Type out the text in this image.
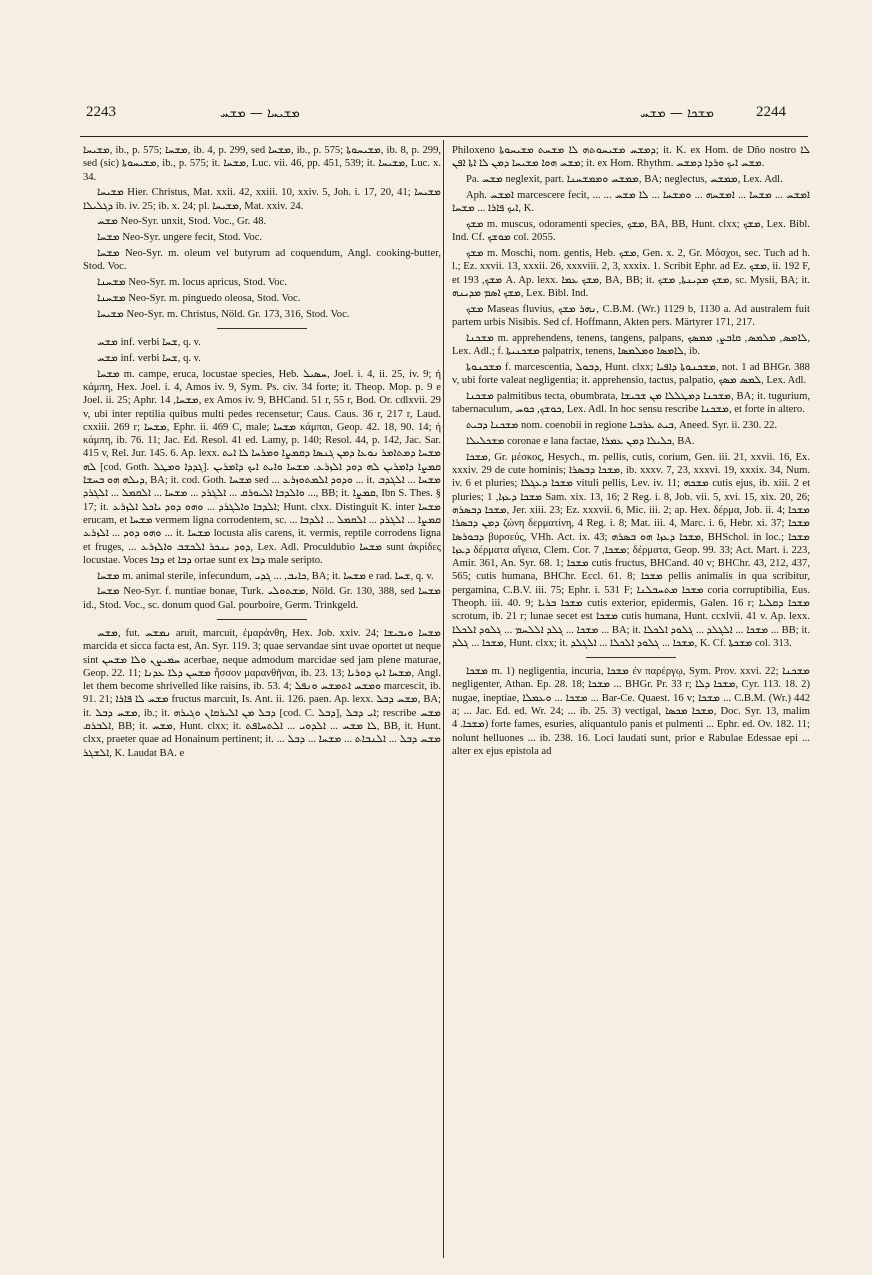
2243	ܡܫܝܚܐ — ܡܫܚ	ܡܫܟܐ — ܡܫܚ	2244

ܡܫܝܚܐ, ib., p. 575; ܡܫܚܐ, ib. 4, p. 299, sed ܡܫܚܐ, ib., p. 575; ܡܫܝܚܘܬܐ, ib. 8, p. 299, sed (sic) ܡܫܝܚܘܬܐ, ib., p. 575; it. ܡܫܚܐ, Luc. vii. 46, pp. 451, 539; it. ܡܫܝܚܐ, Luc. x. 34.

ܡܫܝܚܐ Hier. Christus, Mat. xxii. 42, xxiii. 10, xxiv. 5, Joh. i. 17, 20, 41; ܡܫܝܚܐ ܕܓܠܝܠܐ ib. iv. 25; ib. x. 24; pl. ܡܫܝܚܐ, Mat. xxiv. 24.

ܡܫܚ Neo-Syr. unxit, Stod. Voc., Gr. 48.

ܡܫܚܐ Neo-Syr. ungere fecit, Stod. Voc.

ܡܫܚܐ Neo-Syr. m. oleum vel butyrum ad coquendum, Angl. cooking-butter, Stod. Voc.

ܡܫܚܢܐ Neo-Syr. m. locus apricus, Stod. Voc.

ܡܫܚܢܐ Neo-Syr. m. pinguedo oleosa, Stod. Voc.

ܡܫܝܚܐ Neo-Syr. m. Christus, Nöld. Gr. 173, 316, Stod. Voc.

ܡܫܚ inf. verbi ܫܚܐ, q. v.

ܡܫܚ inf. verbi ܫܚܐ, q. v.

ܡܫܚܐ m. campe, eruca, locustae species, Heb. ܚܣܝܠ, Joel. i. 4, ii. 25, iv. 9; ἡ κάμπη, Hex. Joel. i. 4, Amos iv. 9, Sym. Ps. civ. 34 forte; it. Theop. Mop. p. 9 e Joel. ii. 25; Aphr. ܡܫܚܐ, 14, ex Amos iv. 9, BHCand. 51 r, 55 r, Bod. Or. cdlxvii. 29 v, ubi inter reptilia quibus multi pedes recensetur; Caus. Caus. 36 r, 217 r, Laud. cxxiii. 269 r; ܡܫܚܐ, Ephr. ii. 469 C, male; ܡܫܚܐ κάμπαι, Geop. 42. 18, 90. 14; ἡ κάμπη, ib. 76. 11; Jac. Ed. Resol. 41 ed. Lamy, p. 140; Resol. 44, p. 142, Jac. Sar. 415 v, Rel. Jur. 145. 6. Ap. lexx. ܡܫܚܐ ܕܡܬܐܡܪ ܢܘܥܐ ܕܡܢ ܓܢܣܐ ܕܩܡܨܐ ܘܡܪܚܐ ܠܐ ܐܝܬ ܠܗ [cod. Goth. ܓܕܕܐ ܘܡܛܠ]. ܩܡܨܐ ܕܐܡܪܝܢ ܠܗ ܕܘܕ ܐܠܙܪܥ. ܡܫܚܐ ܘܐܝܬ ܐܝܟ ܕܐܡܪܝܢ ܕܝܠܗ ܗܘ ܒܚܫܐ, BA; it. cod. Goth. ܡܫܚܐ sed ... ܘܕܘܕ ܐܠܡܬܘܙܪܥ ... it. ܡܫܚܐ ... ܐܠܓܕܒ ... ܘܐܠܕܒܐ ܐܠܝܘܪܩ ... ܐܠܓܪܕ ... ܡܫܚܐ ... ܐܠܩܡܠ ... ܐܠܓܪܕ, BB; it. ܩܡܨܐ, Ibn S. Thes. § 17; it. ܐܠܕܒܐ ܘܐܠܓܪܕ ... ܘܗܘ ܕܘܕ ܝܐܟܠ ܐܠܙܪܥ; Hunt. clxx. Distinguit K. inter ܡܫܚܐ erucam, et ܡܫܚܐ vermem ligna corrodentem, sc. ܩܡܨܐ ... ܐܠܓܪܕ ... ܐܠܩܡܠ ... ܐܠܕܒܐ ... ܘܗܘ ܕܘܕ ... ܐܠܙܪܥ ... it. ܡܫܚܐ locusta alis carens, it. vermis, reptile corrodens ligna et fruges, ... ܕܘܕ ܝܢܟܪ ܐܠܟܫܒ ܘܐܠܙܪܥ, Lex. Adl. Proculdubio ܡܫܚܐ sunt ἀκρίδες locustae. Voces ܕܒܐ et ܕܒܐ ortae sunt ex ܕܒܐ male seripto.

ܡܫܚܐ m. animal sterile, infecundum, ܟܐܝܒ, ... ܓܕܝ, BA; it. ܡܫܚܐ e rad. ܫܚܐ, q. v.

ܡܫܚܐ Neo-Syr. f. nuntiae bonae, Turk. ܡܫܬܘܠܝ, Nöld. Gr. 130, 388, sed ܡܫܚܐ id., Stod. Voc., sc. donum quod Gal. pourboire, Germ. Trinkgeld.

ܡܫܚ, fut. ܢܡܫܚ aruit, marcuit, ἐμαράνθη, Hex. Job. xxiv. 24; ܡܫܚܐ ܘܝܒܝܫܐ marcida et sicca facta est, An. Syr. 119. 3; quae servandae sint uvae oportet ut neque sint ܚܡܝܨܢ ܘܠܐ ܡܫܚܢ acerbae, neque admodum marcidae sed jam plene maturae, Geop. 22. 11; ܡܫܚܢ ܕܠܐ ܥܕܢܐ ἧσσον μαρανθῆναι, ib. 23. 13; ܡܫܚܐ ܐܝܟ ܕܘܪܝܐ, Angl. let them become shrivelled like raisins, ib. 53. 4; ܘܡܫܚ ܐܬܡܫܚ ܘܢܦܠ marcescit, ib. 91. 21; ܡܫܚ ܠܐ ܦܐܪܐ fructus marcuit, Is. Ant. ii. 126. paen. Ap. lexx. ܡܫܚ ܕܒܠ, BA; it. ܡܫܚ ܕܒܠ, ib.; it. ܕܒܠ ܡܢ ܐܠܝܪܩܐܢ ܘܓܝܪܗ [cod. C. ܕܒܠ], ܐܝ ܕܒܠ; rescribe ܡܫܚ ܐܠܒܪܩ, BB; it. ܡܫܚ, Hunt. clxx; it. ܠܐ ܡܫܚ ... ܐܠܕܘܝ ... ܐܠܬܚܐܦܬ, BB, it. Hunt. clxx, praeter quae ad Honainum pertinent; it. ܡܫܚ ܕܒܠ ... ܐܠܢܒܐܬ ... ܡܫܚܐ ... ܕܒܠ ... ܐܠܫܓܪ, K. Laudat BA. e

Philoxeno ܕܡܫܚ ܡܫܝܚܘܬܗ ܠܐ ܡܫܚܬ ܡܫܝܚܘܬܐ; it. K. ex Hom. de Dño nostro ܠܐ ܡܫܚ ܗܘܐ ܡܫܝܚܐ ܕܡܢ ܠܐ ܐܬܐ ܐܦܢ; it. ex Hom. Rhythm. ܡܫܚ ܐܝܟ ܘܪܕܐ ܕܡܫܚ.

Pa. ܡܫܚ neglexit, part. ܡܡܫܚ ܘܡܡܫܚܢܐ, BA; neglectus, ܡܡܫܚ, Lex. Adl.

Aph. ܐܡܫܚ marcescere fecit, ... ܐܡܫܚ ... ܡܫܚܐ ... ܐܡܫܚܗ ... ܘܡܫܚܐ ... ܠܐ ܡܫܚ ... ܐܝܟ ܦܐܪܐ ... ܡܫܚܐ, K.

ܡܫܟ m. muscus, odoramenti species, ܡܫܟ, BA, BB, Hunt. clxx; ܡܫܟ, Lex. Bibl. Ind. Cf. ܡܘܫܟ col. 2055.

ܡܫܟ m. Moschi, nom. gentis, Heb. ܡܫܟ, Gen. x. 2, Gr. Μόσχοι, sec. Tuch ad h. l.; Ez. xxvii. 13, xxxii. 26, xxxviii. 2, 3, xxxix. 1. Scribit Ephr. ad Ez. ܡܫܟ, ii. 192 F, et ܡܫܟ, 193 A. Ap. lexx. ܡܫܟ ܥܡܐ, BA, BB; it. ܡܫܟ ܡܕܝܢܬܐ, ܡܫܟ, sc. Mysii, BA; it. ܡܫܟ ܐܣܡ ܡܕܝܢܗ, Lex. Bibl. Ind.

ܡܫܟ Maseas fluvius, ܢܗܪ ܡܫܟ, C.B.M. (Wr.) 1129 b, 1130 a. Ad australem fuit partem urbis Nisibis. Sed cf. Hoffmann, Akten pers. Märtyrer 171, 217.

ܡܫܟܢܐ m. apprehendens, tenens, tangens, palpans, ܠܐܡܣ, ܡܠܡܣ, ܩܐܒܨ, ܡܡܣܟ, Lex. Adl.; f. ܡܫܟܢܝܬܐ palpatrix, tenens, ܠܐܡܣܐ ܘܡܠܡܣܐ, ib.

ܡܫܟܢܘܬܐ f. marcescentia, ܕܒܘܠ, Hunt. clxx; ܡܫܟܢܘܬܐ ܕܐܦܝܐ, not. 1 ad BHGr. 388 v, ubi forte valeat negligentia; it. apprehensio, tactus, palpatio, ܠܡܣ ܡܣܟ, Lex. Adl.

ܡܫܟܢܐ palmitibus tecta, obumbrata, ܡܫܟܢܐ ܕܡܛܠܠܐ ܡܢ ܫܒܝܫܐ, BA; it. tugurium, tabernaculum, ܟܘܫܟ, ܟܘܚ, Lex. Adl. In hoc sensu rescribe ܡܫܟܢܐ, et forte in altero.

ܡܫܟܢܐ ܕܒܝܬ nom. coenobii in regione ܒܝܬ ܥܪܒܝܐ, Aneed. Syr. ii. 230. 22.

ܡܫܟܠܝܠܐ coronae e lana factae, ܟܠܝܠܐ ܕܡܢ ܥܡܪܐ, BA.

ܡܫܟܐ, Gr. μέσκος, Hesych., m. pellis, cutis, corium, Gen. iii. 21, xxvii. 16, Ex. xxxiv. 29 de cute hominis; ܡܫܟܐ ܕܒܣܪܐ, ib. xxxv. 7, 23, xxxvi. 19, xxxix. 34, Num. iv. 6 et pluries; ܡܫܟܐ ܕܥܓܠܐ vituli pellis, Lev. iv. 11; ܡܫܟܗ cutis ejus, ib. xiii. 2 et pluries; ܡܫܟܐ ܕܥܙܐ, 1 Sam. xix. 13, 16; 2 Reg. i. 8, Job. vii. 5, xvi. 15, xix. 20, 26; ܡܫܟܐ ܕܒܣܪܗ, Jer. xiii. 23; Ez. xxxvii. 6, Mic. iii. 2; ap. Hex. δέρμα, Job. ii. 4; ܡܫܟܐ ܕܡܢ ܕܒܣܪܐ ζώνη δερματίνη, 4 Reg. i. 8; Mat. iii. 4, Marc. i. 6, Hebr. xi. 37; ܡܫܟܐ ܕܒܘܪܣܐ βυρσεύς, VHh. Act. ix. 43; ܡܫܟܐ ܕܥܙܐ ܗܘ ܒܣܪܗ, BHSchol. in loc.; ܡܫܟܐ ܕܥܙܐ δέρματα αἴγεια, Clem. Cor. ܡܫܟܐ, 7; δέρματα, Geop. 99. 33; Act. Mart. i. 223, Amir. 361, An. Syr. 68. 1; ܡܫܟܐ cutis fructus, BHCand. 40 v; BHChr. 43, 212, 437, 565; cutis humana, BHChr. Eccl. 61. 8; ܡܫܟܐ pellis animalis in qua scribitur, pergamina, C.B.V. iii. 75; Ephr. i. 531 F; ܡܫܟܐ ܡܬܚܒܠܢܐ coria corruptibilia, Eus. Theoph. iii. 40. 9; ܡܫܟܐ ܒܪܝܐ cutis exterior, epidermis, Galen. 16 r; ܡܫܟܐ ܕܩܠܝܐ scrotum, ib. 21 r; lunae secet est ܡܫܟܐ cutis humana, Hunt. ccxlvii. 41 v. Ap. lexx. ܡܫܟܐ ... ܓܠܕ ܐܠܠܚܡ ... ܓܠܘܕ ܐܠܟܠܐ ... BA; it. ܡܫܟܐ ... ܐܠܓܠܕ ... ܓܠܘܕ ܐܠܟܠܐ ... BB; it. ܡܫܟܐ ... ܓܠܕ, Hunt. clxx; it. ܡܫܟܐ ... ܓܠܘܕ ܐܠܟܠܐ ... ܐܠܓܠܕ, K. Cf. ܡܫܟܬܐ col. 313.

ܡܫܟܐ m. 1) negligentia, incuria, ܡܫܟܐ ἐν παρέργῳ, Sym. Prov. xxvi. 22; ܡܫܟܢܐ negligenter, Athan. Ep. 28. 18; ܡܫܟܐ ... BHGr. Pr. 33 r; ܡܫܟܐ ܕܠܐ, Cyr. 113. 18. 2) nugae, ineptiae, ܡܫܟܐ ... ܘܥܡܠܐ ... Bar-Ce. Quaest. 16 v; ܡܫܟܐ ... C.B.M. (Wr.) 442 a; ... Jac. Ed. ed. Wr. 24; ... ib. 25. 3) vectigal, ܡܫܟܐ ܡܟܣܐ, Doc. Syr. 13, malim ܡܫܟܐ. 4) forte fames, esuries, aliquantulo panis et pulmenti ... Ephr. ed. Ov. 182. 11; nolunt helluones ... ib. 238. 16. Loci laudati sunt, prior e Rabulae Edessae epi ... alter ex ejus epistola ad
